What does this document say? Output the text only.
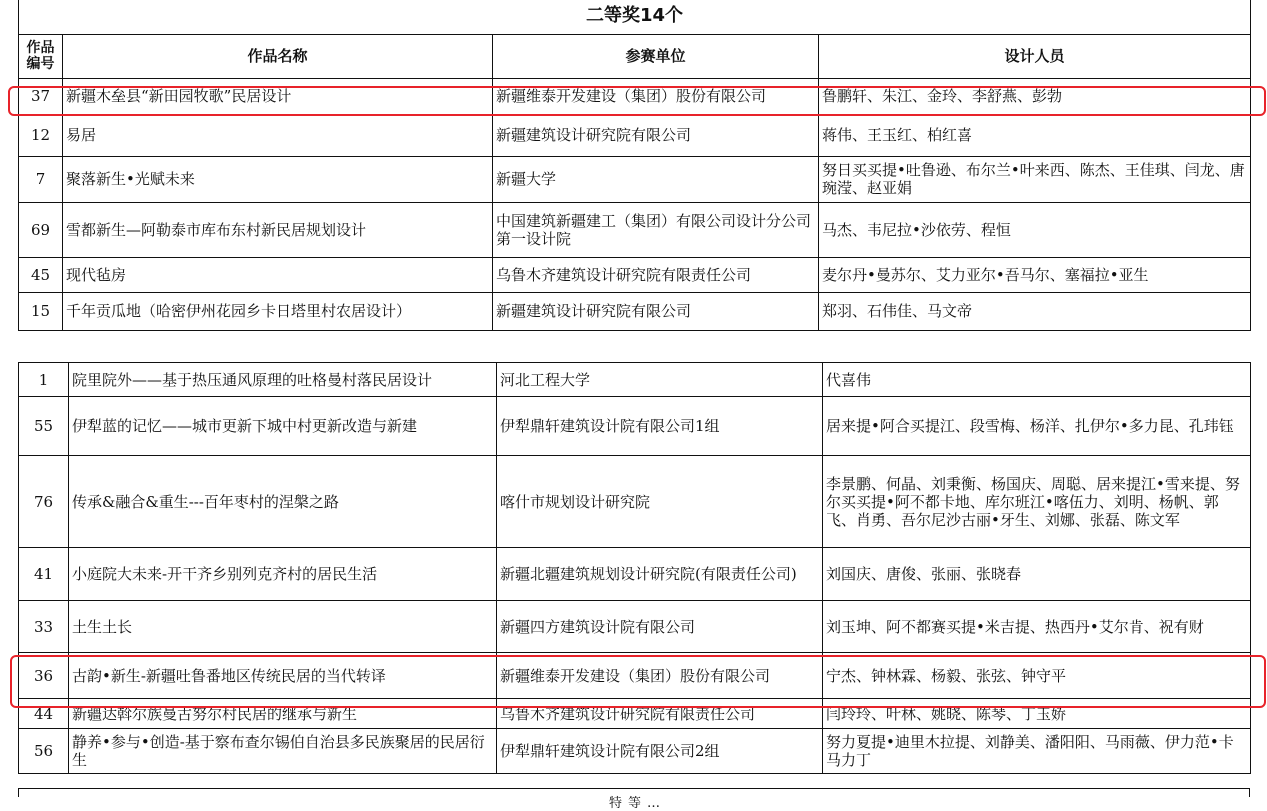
二等奖14个			
作品
编号	作品名称	参赛单位	设计人员
37	新疆木垒县“新田园牧歌”民居设计	新疆维泰开发建设（集团）股份有限公司	鲁鹏轩、朱江、金玲、李舒燕、彭勃
12	易居	新疆建筑设计研究院有限公司	蒋伟、王玉红、柏红喜
7	聚落新生•光赋未来	新疆大学	努日买买提•吐鲁逊、布尔兰•叶来西、陈杰、王佳琪、闫龙、唐琬滢、赵亚娟
69	雪都新生—阿勒泰市库布东村新民居规划设计	中国建筑新疆建工（集团）有限公司设计分公司第一设计院	马杰、韦尼拉•沙依劳、程恒
45	现代毡房	乌鲁木齐建筑设计研究院有限责任公司	麦尔丹•曼苏尔、艾力亚尔•吾马尔、塞福拉•亚生
15	千年贡瓜地（哈密伊州花园乡卡日塔里村农居设计）	新疆建筑设计研究院有限公司	郑羽、石伟佳、马文帝
1	院里院外——基于热压通风原理的吐格曼村落民居设计	河北工程大学	代喜伟
55	伊犁蓝的记忆——城市更新下城中村更新改造与新建	伊犁鼎轩建筑设计院有限公司1组	居来提•阿合买提江、段雪梅、杨洋、扎伊尔•多力昆、孔玮钰
76	传承&融合&重生---百年枣村的涅槃之路	喀什市规划设计研究院	李景鹏、何晶、刘秉衡、杨国庆、周聪、居来提江•雪来提、努尔买买提•阿不都卡地、库尔班江•喀伍力、刘明、杨帆、郭飞、肖勇、吾尔尼沙古丽•牙生、刘娜、张磊、陈文军
41	小庭院大未来-开干齐乡别列克齐村的居民生活	新疆北疆建筑规划设计研究院(有限责任公司)	刘国庆、唐俊、张丽、张晓春
33	土生土长	新疆四方建筑设计院有限公司	刘玉坤、阿不都赛买提•米吉提、热西丹•艾尔肯、祝有财
36	古韵•新生-新疆吐鲁番地区传统民居的当代转译	新疆维泰开发建设（集团）股份有限公司	宁杰、钟林霖、杨毅、张弦、钟守平
44	新疆达斡尔族曼古努尔村民居的继承与新生	乌鲁木齐建筑设计研究院有限责任公司	闫玲玲、叶林、姚晓、陈琴、丁玉娇
56	静养•参与•创造-基于察布查尔锡伯自治县多民族聚居的民居衍生	伊犁鼎轩建筑设计院有限公司2组	努力夏提•迪里木拉提、刘静美、潘阳阳、马雨薇、伊力范•卡马力丁
特等…
